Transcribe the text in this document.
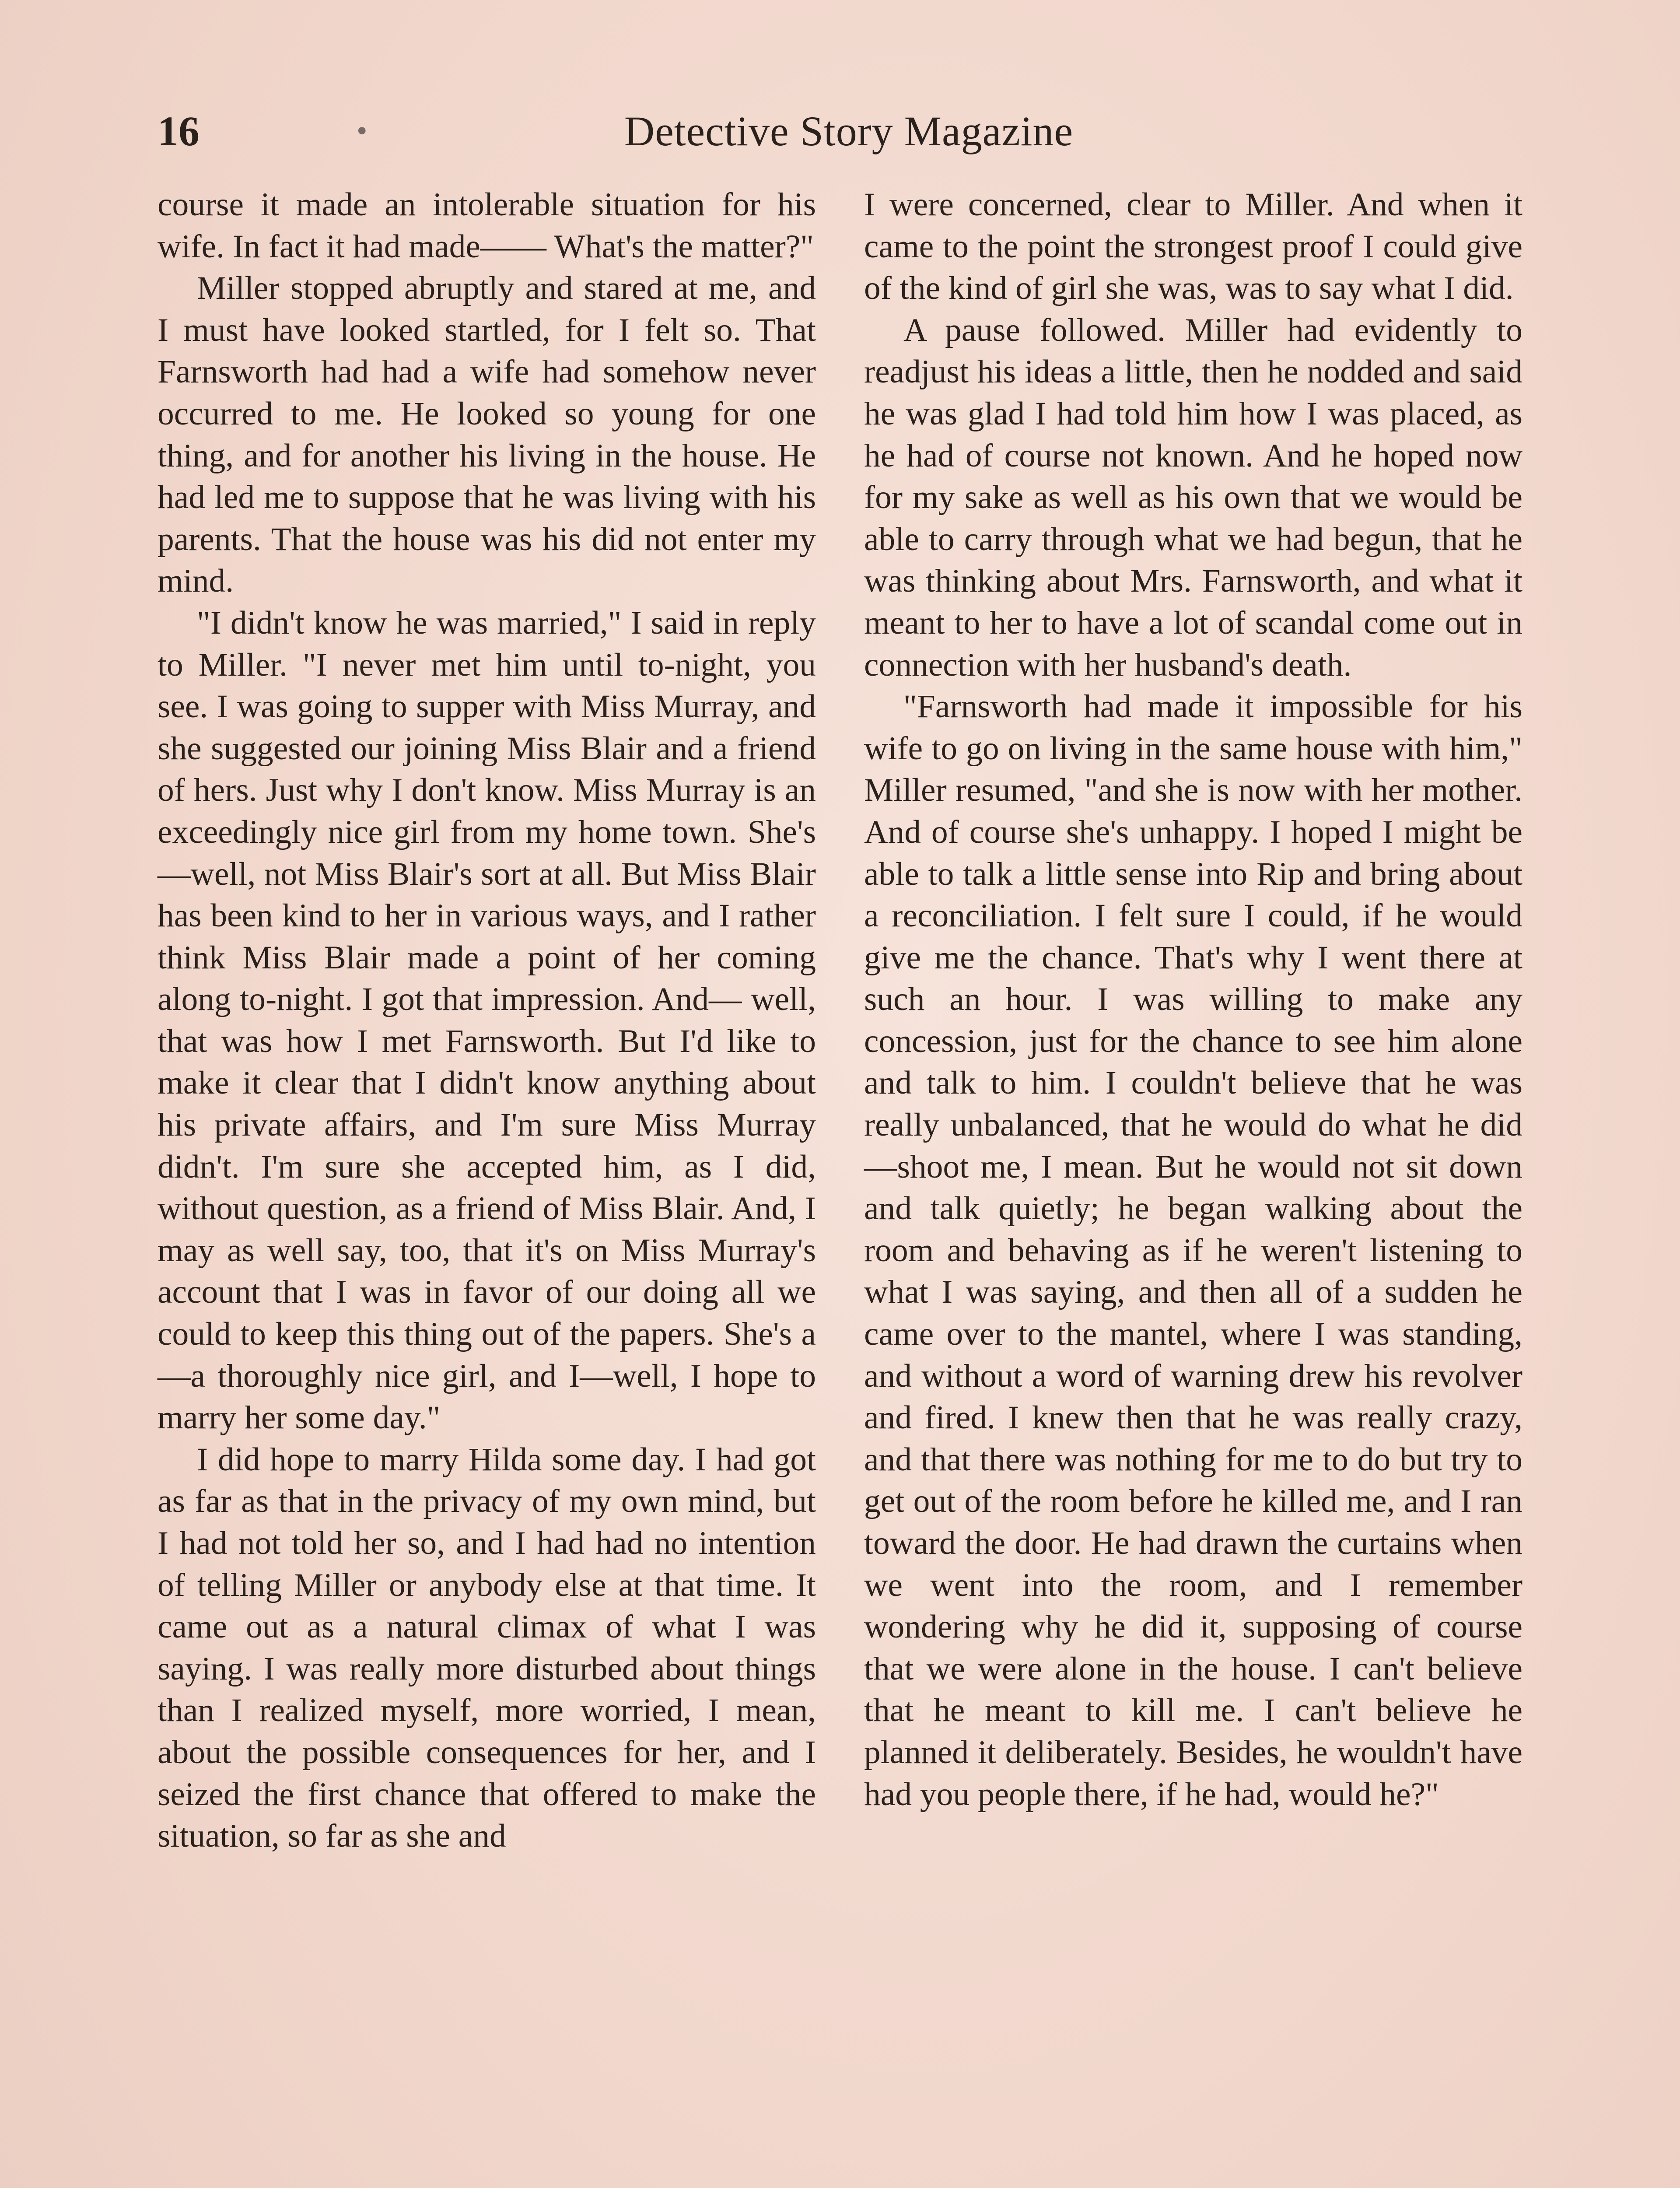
16	•	Detective Story Magazine

course it made an intolerable situation for his wife. In fact it had made—— What's the matter?"

Miller stopped abruptly and stared at me, and I must have looked startled, for I felt so. That Farnsworth had had a wife had somehow never occurred to me. He looked so young for one thing, and for another his living in the house. He had led me to suppose that he was living with his parents. That the house was his did not enter my mind.

"I didn't know he was married," I said in reply to Miller. "I never met him until to-night, you see. I was going to supper with Miss Murray, and she suggested our joining Miss Blair and a friend of hers. Just why I don't know. Miss Murray is an exceedingly nice girl from my home town. She's —well, not Miss Blair's sort at all. But Miss Blair has been kind to her in various ways, and I rather think Miss Blair made a point of her coming along to-night. I got that impression. And— well, that was how I met Farnsworth. But I'd like to make it clear that I didn't know anything about his private affairs, and I'm sure Miss Murray didn't. I'm sure she accepted him, as I did, without question, as a friend of Miss Blair. And, I may as well say, too, that it's on Miss Murray's account that I was in favor of our doing all we could to keep this thing out of the papers. She's a—a thoroughly nice girl, and I—well, I hope to marry her some day."

I did hope to marry Hilda some day. I had got as far as that in the privacy of my own mind, but I had not told her so, and I had had no intention of telling Miller or anybody else at that time. It came out as a natural climax of what I was saying. I was really more disturbed about things than I realized myself, more worried, I mean, about the possible consequences for her, and I seized the first chance that offered to make the situation, so far as she and

I were concerned, clear to Miller. And when it came to the point the strongest proof I could give of the kind of girl she was, was to say what I did.

A pause followed. Miller had evidently to readjust his ideas a little, then he nodded and said he was glad I had told him how I was placed, as he had of course not known. And he hoped now for my sake as well as his own that we would be able to carry through what we had begun, that he was thinking about Mrs. Farnsworth, and what it meant to her to have a lot of scandal come out in connection with her husband's death.

"Farnsworth had made it impossible for his wife to go on living in the same house with him," Miller resumed, "and she is now with her mother. And of course she's unhappy. I hoped I might be able to talk a little sense into Rip and bring about a reconciliation. I felt sure I could, if he would give me the chance. That's why I went there at such an hour. I was willing to make any concession, just for the chance to see him alone and talk to him. I couldn't believe that he was really unbalanced, that he would do what he did —shoot me, I mean. But he would not sit down and talk quietly; he began walking about the room and behaving as if he weren't listening to what I was saying, and then all of a sudden he came over to the mantel, where I was standing, and without a word of warning drew his revolver and fired. I knew then that he was really crazy, and that there was nothing for me to do but try to get out of the room before he killed me, and I ran toward the door. He had drawn the curtains when we went into the room, and I remember wondering why he did it, supposing of course that we were alone in the house. I can't believe that he meant to kill me. I can't believe he planned it deliberately. Besides, he wouldn't have had you people there, if he had, would he?"
